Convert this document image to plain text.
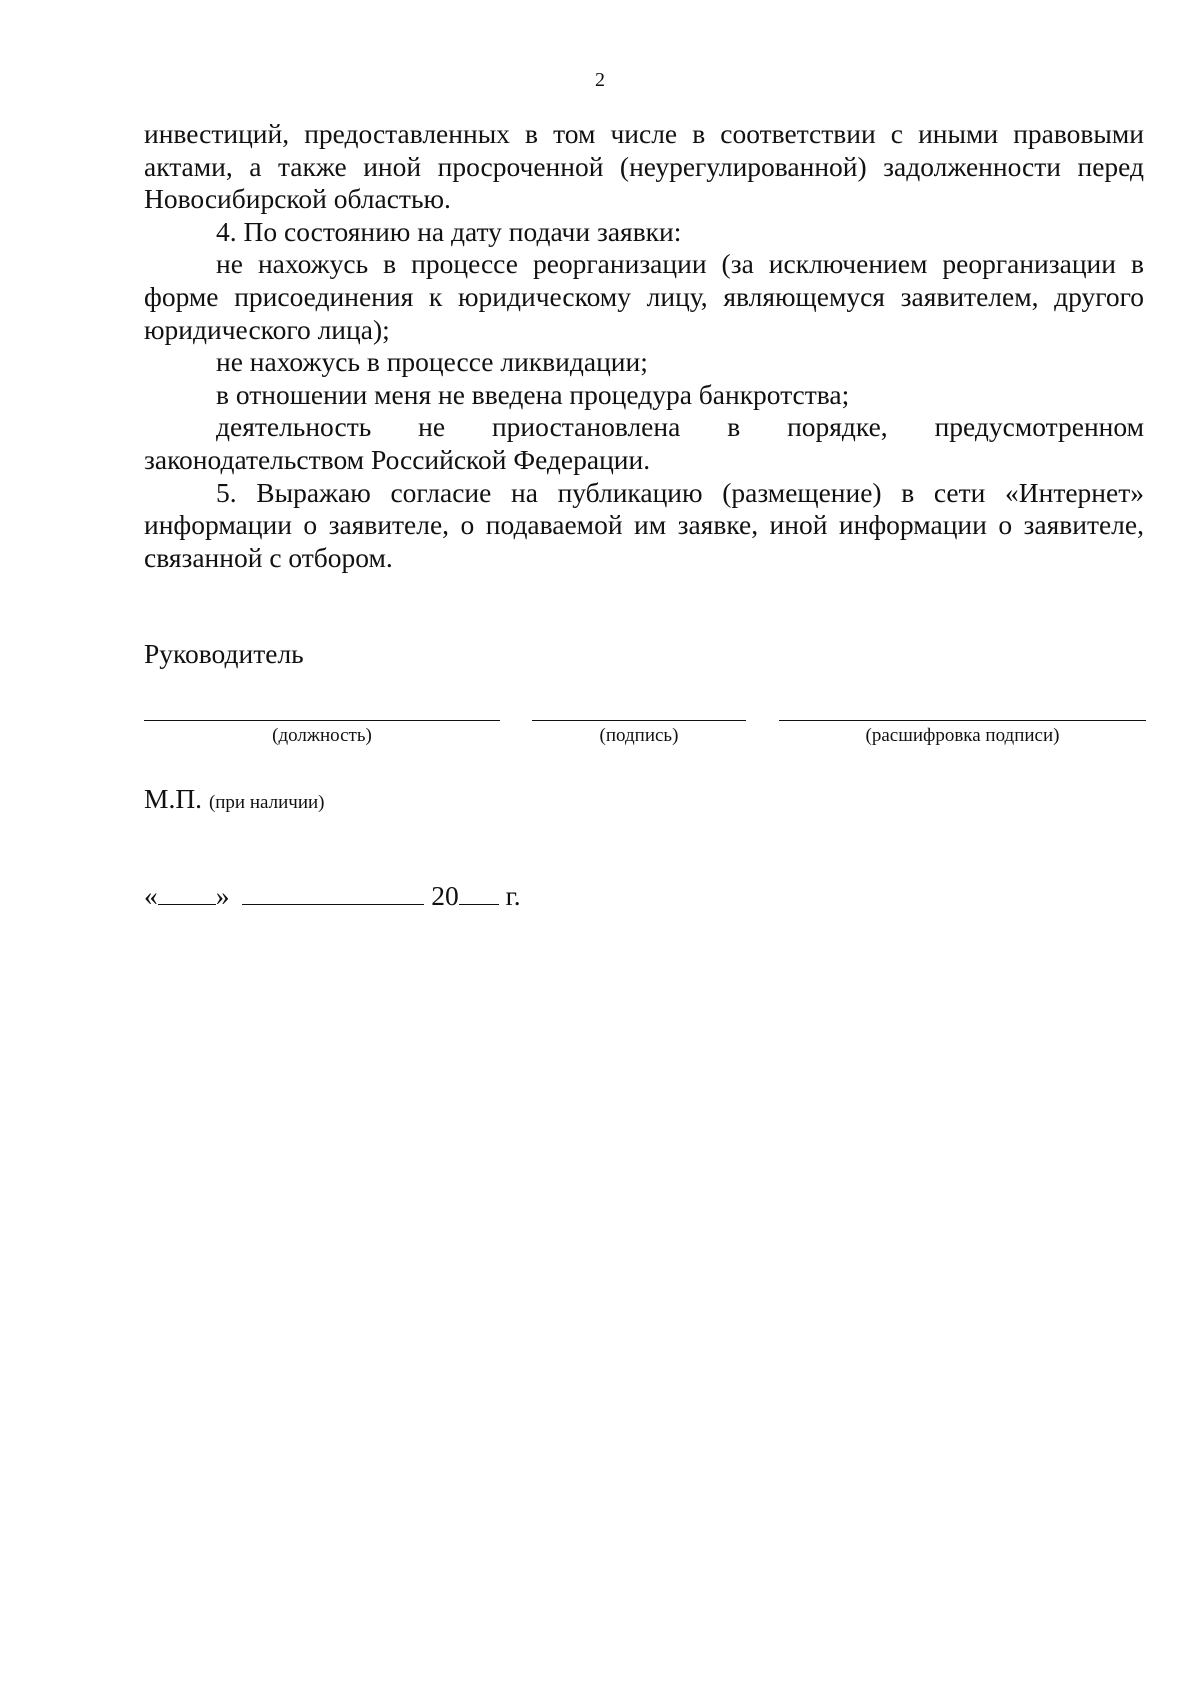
2

инвестиций, предоставленных в том числе в соответствии с иными правовыми актами, а также иной просроченной (неурегулированной) задолженности перед Новосибирской областью.

4. По состоянию на дату подачи заявки:

не нахожусь в процессе реорганизации (за исключением реорганизации в форме присоединения к юридическому лицу, являющемуся заявителем, другого юридического лица);

не нахожусь в процессе ликвидации;

в отношении меня не введена процедура банкротства;

деятельность не приостановлена в порядке, предусмотренном

законодательством Российской Федерации.

5. Выражаю согласие на публикацию (размещение) в сети «Интернет» информации о заявителе, о подаваемой им заявке, иной информации о заявителе, связанной с отбором.

Руководитель
(должность)	(подпись)	(расшифровка подписи)
М.П. (при наличии)
« »	20 г.
